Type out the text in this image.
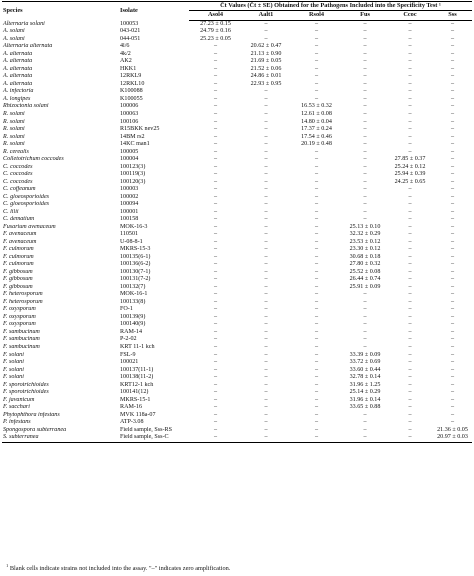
Species	Isolate	C̄t Values (C̄t ± SE) Obtained for the Pathogens Included into the Specificity Test ¹					
		Asol4	Aalt1	Rsol4	Fus	Ccoc	Sss
Alternaria solani	100053	27.23 ± 0.15	–	–	–	–	–
A. solani	043-021	24.79 ± 0.16	–	–	–	–	–
A. solani	044-051	25.23 ± 0.05	–	–	–	–	–
Alternaria alternata	4l/6	–	20.62 ± 0.47	–	–	–	–
A. alternata	4k/2	–	21.13 ± 0.90	–	–	–	–
A. alternata	AK2	–	21.69 ± 0.05	–	–	–	–
A. alternata	HKK1	–	21.52 ± 0.06	–	–	–	–
A. alternata	12RKL9	–	24.86 ± 0.01	–	–	–	–
A. alternata	12RKL10	–	22.93 ± 0.95	–	–	–	–
A. infectoria	K100088	–	–	–	–	–	–
A. longipes	K100055	–	–	–	–	–	–
Rhizoctonia solani	100006	–	–	16.53 ± 0.32	–	–	–
R. solani	100063	–	–	12.61 ± 0.08	–	–	–
R. solani	100106	–	–	14.80 ± 0.04	–	–	–
R. solani	R15BKK nev25	–	–	17.37 ± 0.24	–	–	–
R. solani	14BM rs2	–	–	17.54 ± 0.46	–	–	–
R. solani	14KC man1	–	–	20.19 ± 0.48	–	–	–
R. cerealis	100005	–	–	–	–	–	–
Colletotrichum coccodes	100004	–	–	–	–	27.85 ± 0.37	–
C. coccodes	100123(3)	–	–	–	–	25.24 ± 0.12	–
C. coccodes	100119(3)	–	–	–	–	25.94 ± 0.39	–
C. coccodes	100120(3)	–	–	–	–	24.25 ± 0.65	–
C. coffeanum	100003	–	–	–	–	–	–
C. gloeosporioides	100002	–	–	–	–	–	–
C. gloeosporioides	100094	–	–	–	–	–	–
C. lilii	100001	–	–	–	–	–	–
C. dematium	100158	–	–	–	–	–	–
Fusarium avenaceum	MOK-16-3	–	–	–	25.13 ± 0.10	–	–
F. avenaceum	110501	–	–	–	32.32 ± 0.29	–	–
F. avenaceum	U-08-8-1	–	–	–	23.53 ± 0.12	–	–
F. culmorum	MKRS-15-3	–	–	–	23.30 ± 0.12	–	–
F. culmorum	100135(6-1)	–	–	–	30.68 ± 0.18	–	–
F. culmorum	100136(6-2)	–	–	–	27.80 ± 0.32	–	–
F. gibbosum	100130(7-1)	–	–	–	25.52 ± 0.08	–	–
F. gibbosum	100131(7-2)	–	–	–	26.44 ± 0.74	–	–
F. gibbosum	100132(7)	–	–	–	25.91 ± 0.09	–	–
F. heterosporum	MOK-16-1	–	–	–	–	–	–
F. heterosporum	100133(8)	–	–	–	–	–	–
F. oxysporum	FO-1	–	–	–	–	–	–
F. oxysporum	100139(9)	–	–	–	–	–	–
F. oxysporum	100140(9)	–	–	–	–	–	–
F. sambucinum	RAM-14	–	–	–	–	–	–
F. sambucinum	P-2-02	–	–	–	–	–	–
F. sambucinum	KRT 11-1 kch	–	–	–	–	–	–
F. solani	FSL-9	–	–	–	33.39 ± 0.09	–	–
F. solani	100021	–	–	–	33.72 ± 0.69	–	–
F. solani	100137(11-1)	–	–	–	33.60 ± 0.44	–	–
F. solani	100138(11-2)	–	–	–	32.78 ± 0.14	–	–
F. sporotrichioides	KRT12-1 kch	–	–	–	31.96 ± 1.25	–	–
F. sporotrichioides	100141(12)	–	–	–	25.14 ± 0.29	–	–
F. javanicum	MKRS-15-1	–	–	–	31.96 ± 0.14	–	–
F. sacchari	RAM-16	–	–	–	33.65 ± 0.88	–	–
Phytophthora infestans	MVK 118a-07	–	–	–	–	–	–
P. infestans	ATP-3.08	–	–	–	–	–	–
Spongospora subterranea	Field sample, Sss-RS	–	–	–	–	–	21.36 ± 0.05
S. subterranea	Field sample, Sss-C	–	–	–	–	–	20.97 ± 0.03
$^1$ Blank cells indicate strains not included into the assay. "–" indicates zero amplification.
